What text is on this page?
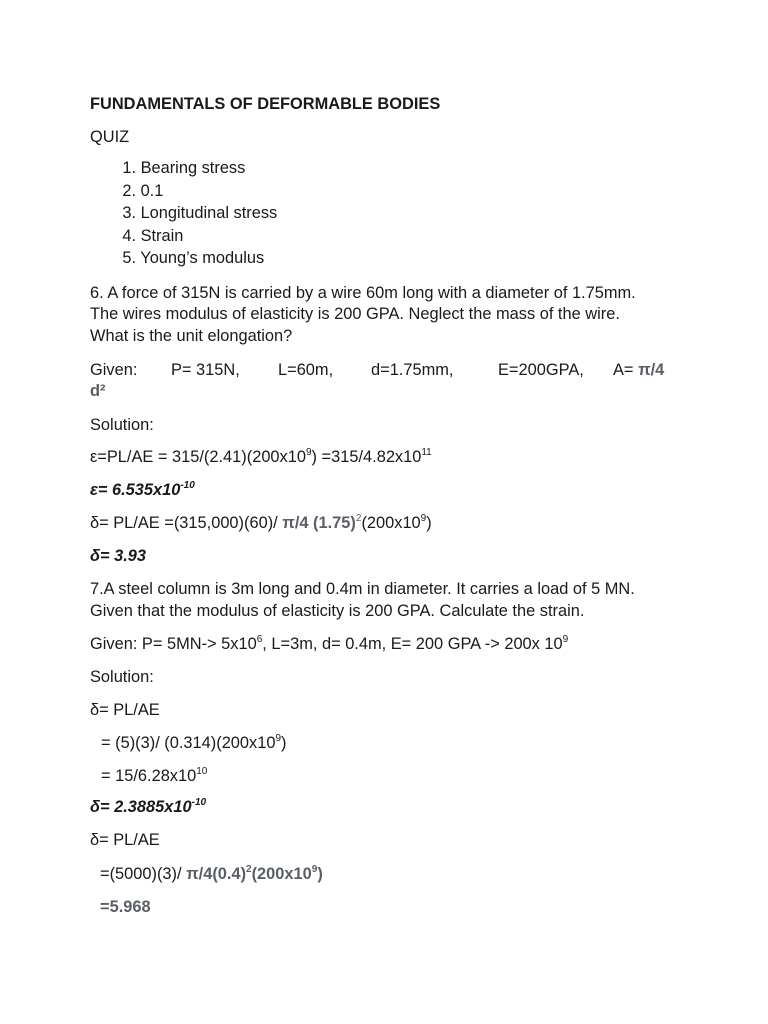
FUNDAMENTALS OF DEFORMABLE BODIES
QUIZ
1. Bearing stress
2. 0.1
3. Longitudinal stress
4. Strain
5. Young’s modulus
6. A force of 315N is carried by a wire 60m long with a diameter of 1.75mm.
The wires modulus of elasticity is 200 GPA. Neglect the mass of the wire.
What is the unit elongation?
Given: P= 315N, L=60m, d=1.75mm,	E=200GPA, A= π/4
d²
Solution:
$\varepsilon=PL/AE = 315/(2.41)(200x10^9) =315/4.82x10^{11}$
$\varepsilon= 6.535x10^{-10}$
δ= PL/AE =(315,000)(60)/ π/4 $(1.75)^2(200x10^9)$
δ= 3.93
7.A steel column is 3m long and 0.4m in diameter. It carries a load of 5 MN.
Given that the modulus of elasticity is 200 GPA. Calculate the strain.
Given: $P= 5MN-> 5x10^6$, L=3m, d= 0.4m, E= 200 GPA -> 200x $10^9$
Solution:
δ= PL/AE
= (5)(3)/ $(0.314)(200x10^9)$
= $15/6.28x10^{10}$
$\delta= 2.3885x10^{-10}$
δ= PL/AE
=(5000)(3)/ $\pi/4(0.4)^2(200x10^9)$
=5.968
